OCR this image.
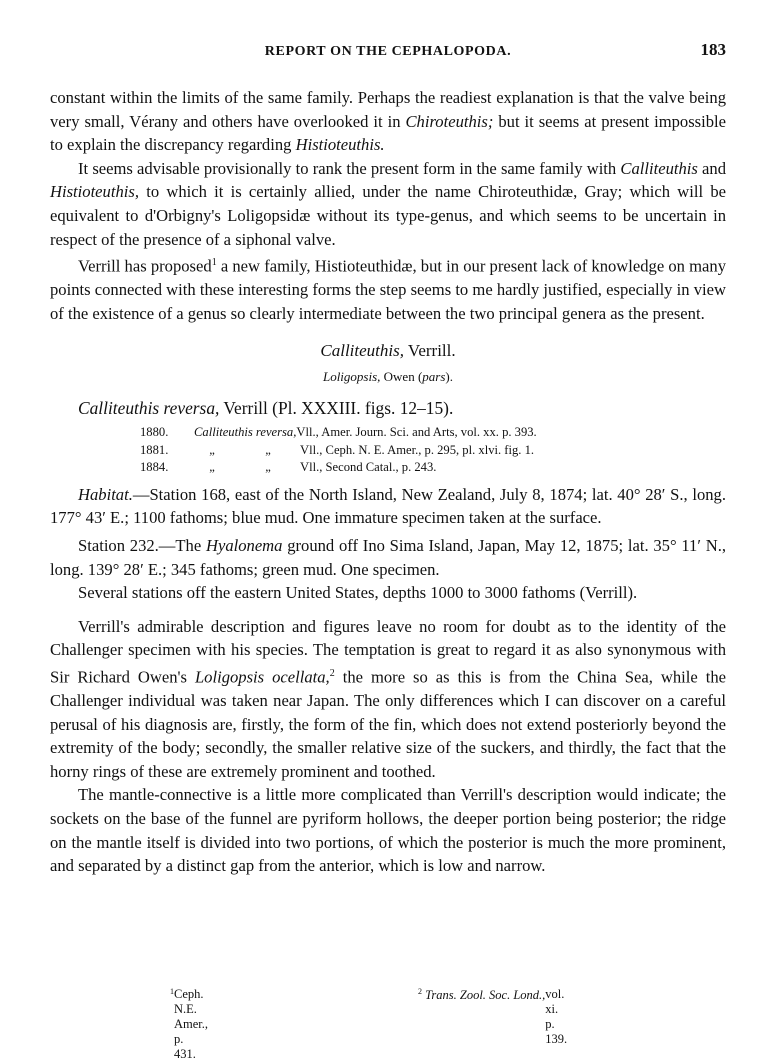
REPORT ON THE CEPHALOPODA.	183

constant within the limits of the same family. Perhaps the readiest explanation is that the valve being very small, Vérany and others have overlooked it in Chiroteuthis; but it seems at present impossible to explain the discrepancy regarding Histioteuthis.

It seems advisable provisionally to rank the present form in the same family with Calliteuthis and Histioteuthis, to which it is certainly allied, under the name Chiroteuthidæ, Gray; which will be equivalent to d'Orbigny's Loligopsidæ without its type-genus, and which seems to be uncertain in respect of the presence of a siphonal valve.

Verrill has proposed$^1$ a new family, Histioteuthidæ, but in our present lack of knowledge on many points connected with these interesting forms the step seems to me hardly justified, especially in view of the existence of a genus so clearly intermediate between the two principal genera as the present.

Calliteuthis, Verrill.

Loligopsis, Owen (pars).

Calliteuthis reversa, Verrill (Pl. XXXIII. figs. 12–15).

1880.	Calliteuthis reversa, Vll., Amer. Journ. Sci. and Arts, vol. xx. p. 393.
1881.	„	„	Vll., Ceph. N. E. Amer., p. 295, pl. xlvi. fig. 1.
1884.	„	„	Vll., Second Catal., p. 243.

Habitat.—Station 168, east of the North Island, New Zealand, July 8, 1874; lat. 40° 28′ S., long. 177° 43′ E.; 1100 fathoms; blue mud. One immature specimen taken at the surface.

Station 232.—The Hyalonema ground off Ino Sima Island, Japan, May 12, 1875; lat. 35° 11′ N., long. 139° 28′ E.; 345 fathoms; green mud. One specimen.

Several stations off the eastern United States, depths 1000 to 3000 fathoms (Verrill).

Verrill's admirable description and figures leave no room for doubt as to the identity of the Challenger specimen with his species. The temptation is great to regard it as also synonymous with Sir Richard Owen's Loligopsis ocellata,$^2$ the more so as this is from the China Sea, while the Challenger individual was taken near Japan. The only differences which I can discover on a careful perusal of his diagnosis are, firstly, the form of the fin, which does not extend posteriorly beyond the extremity of the body; secondly, the smaller relative size of the suckers, and thirdly, the fact that the horny rings of these are extremely prominent and toothed.

The mantle-connective is a little more complicated than Verrill's description would indicate; the sockets on the base of the funnel are pyriform hollows, the deeper portion being posterior; the ridge on the mantle itself is divided into two portions, of which the posterior is much the more prominent, and separated by a distinct gap from the anterior, which is low and narrow.

$^1$ Ceph. N.E. Amer., p. 431.
$^2$ Trans. Zool. Soc. Lond., vol. xi. p. 139.
